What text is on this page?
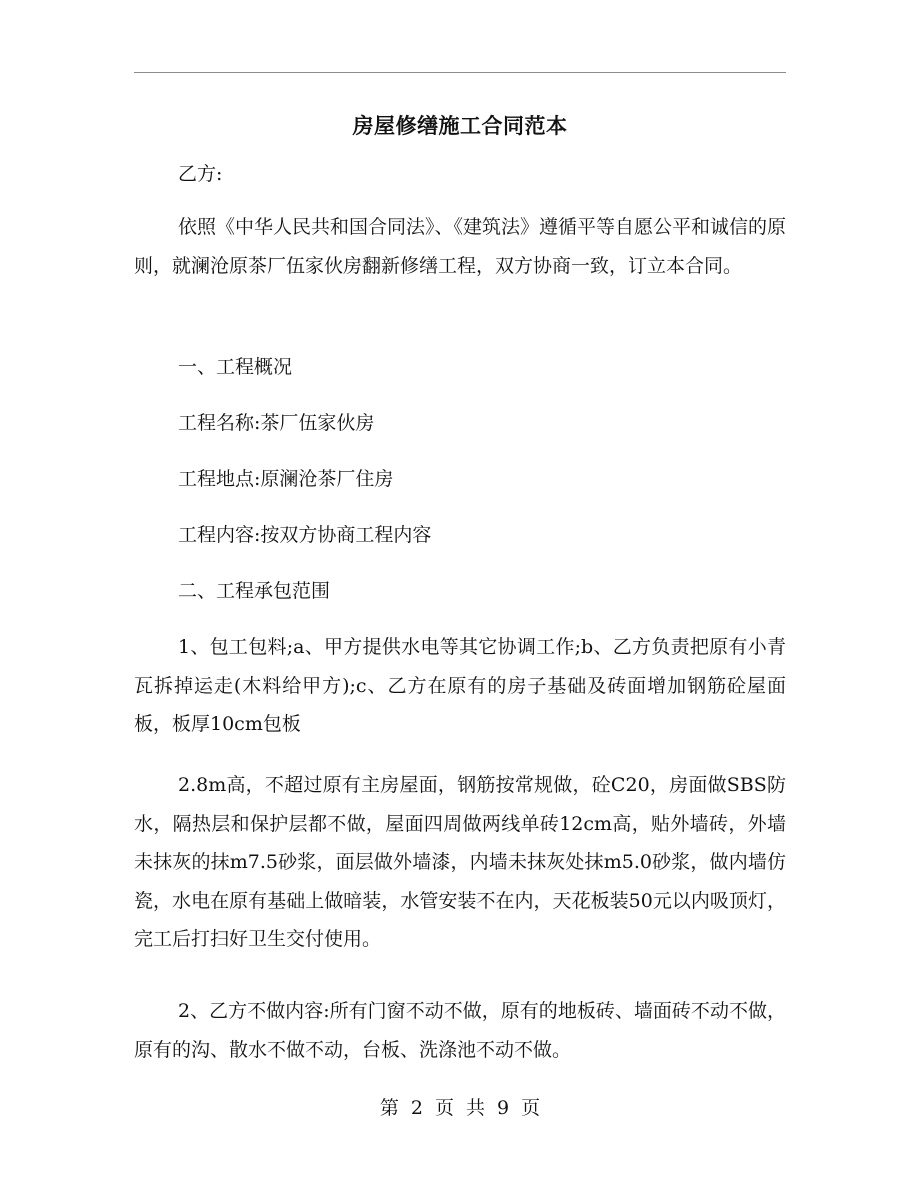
房屋修缮施工合同范本

乙方:

依照《中华人民共和国合同法》、《建筑法》遵循平等自愿公平和诚信的原则，就澜沧原茶厂伍家伙房翻新修缮工程，双方协商一致，订立本合同。

一、工程概况

工程名称:茶厂伍家伙房

工程地点:原澜沧茶厂住房

工程内容:按双方协商工程内容

二、工程承包范围

1、包工包料;a、甲方提供水电等其它协调工作;b、乙方负责把原有小青瓦拆掉运走(木料给甲方);c、乙方在原有的房子基础及砖面增加钢筋砼屋面板，板厚10cm包板

2.8m高，不超过原有主房屋面，钢筋按常规做，砼C20，房面做SBS防水，隔热层和保护层都不做，屋面四周做两线单砖12cm高，贴外墙砖，外墙未抹灰的抹m7.5砂浆，面层做外墙漆，内墙未抹灰处抹m5.0砂浆，做内墙仿瓷，水电在原有基础上做暗装，水管安装不在内，天花板装50元以内吸顶灯，完工后打扫好卫生交付使用。

2、乙方不做内容:所有门窗不动不做，原有的地板砖、墙面砖不动不做，原有的沟、散水不做不动，台板、洗涤池不动不做。

第 2 页 共 9 页
